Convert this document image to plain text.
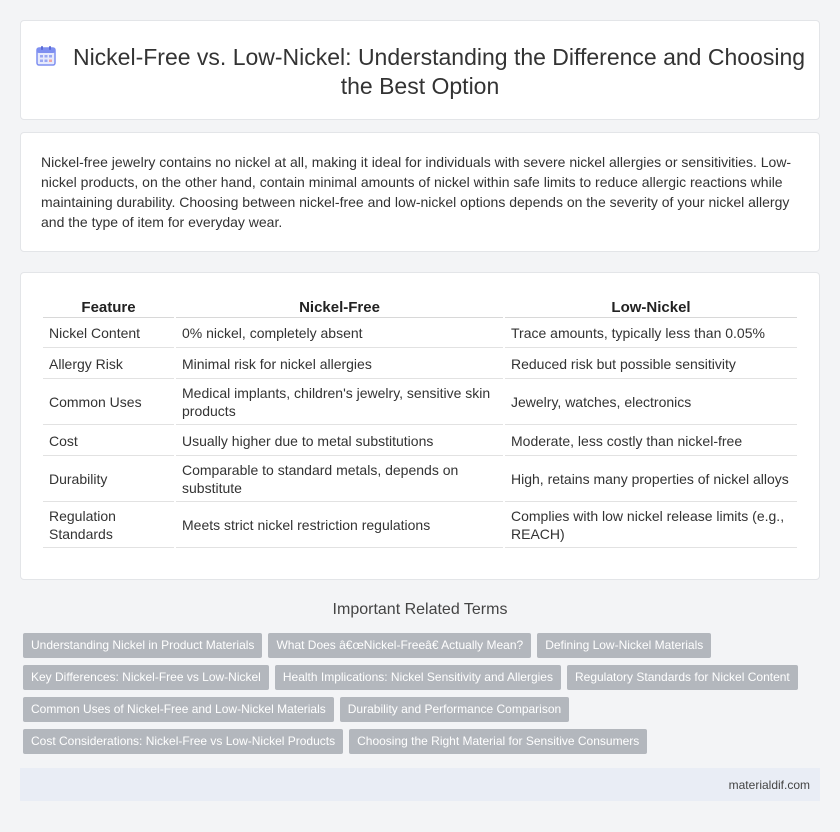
Nickel-Free vs. Low-Nickel: Understanding the Difference and Choosing the Best Option

Nickel-free jewelry contains no nickel at all, making it ideal for individuals with severe nickel allergies or sensitivities. Low-nickel products, on the other hand, contain minimal amounts of nickel within safe limits to reduce allergic reactions while maintaining durability. Choosing between nickel-free and low-nickel options depends on the severity of your nickel allergy and the type of item for everyday wear.

Feature	Nickel-Free	Low-Nickel
Nickel Content	0% nickel, completely absent	Trace amounts, typically less than 0.05%
Allergy Risk	Minimal risk for nickel allergies	Reduced risk but possible sensitivity
Common Uses	Medical implants, children's jewelry, sensitive skin products	Jewelry, watches, electronics
Cost	Usually higher due to metal substitutions	Moderate, less costly than nickel-free
Durability	Comparable to standard metals, depends on substitute	High, retains many properties of nickel alloys
Regulation Standards	Meets strict nickel restriction regulations	Complies with low nickel release limits (e.g., REACH)
Important Related Terms
Understanding Nickel in Product Materials What Does â€œNickel-Freeâ€ Actually Mean? Defining Low-Nickel Materials
Key Differences: Nickel-Free vs Low-Nickel Health Implications: Nickel Sensitivity and Allergies Regulatory Standards for Nickel Content
Common Uses of Nickel-Free and Low-Nickel Materials Durability and Performance Comparison
Cost Considerations: Nickel-Free vs Low-Nickel Products Choosing the Right Material for Sensitive Consumers
materialdif.com
